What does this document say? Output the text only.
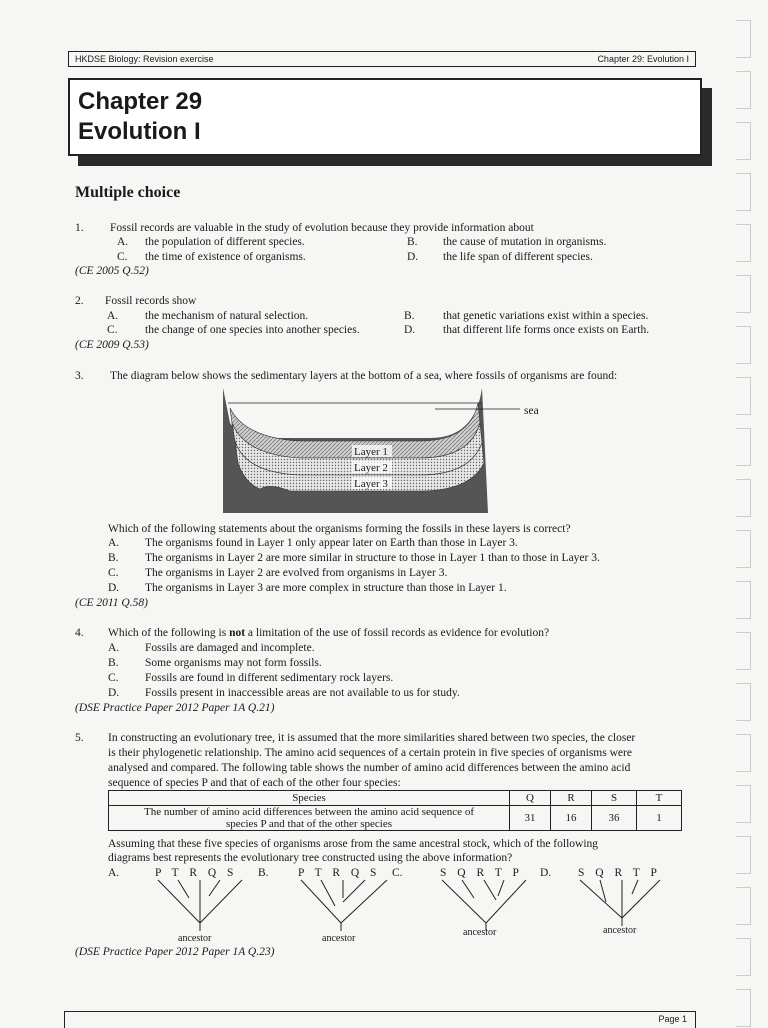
HKDSE Biology: Revision exercise	Chapter 29: Evolution I
Chapter 29
Evolution I
Multiple choice
1. Fossil records are valuable in the study of evolution because they provide information about
A. the population of different species.	B. the cause of mutation in organisms.
C. the time of existence of organisms.	D. the life span of different species.
(CE 2005 Q.52)
2. Fossil records show
A. the mechanism of natural selection.	B. that genetic variations exist within a species.
C. the change of one species into another species.	D. that different life forms once exists on Earth.
(CE 2009 Q.53)
3. The diagram below shows the sedimentary layers at the bottom of a sea, where fossils of organisms are found:
sea
Layer 1
Layer 2
Layer 3
Which of the following statements about the organisms forming the fossils in these layers is correct?
A. The organisms found in Layer 1 only appear later on Earth than those in Layer 3.
B. The organisms in Layer 2 are more similar in structure to those in Layer 1 than to those in Layer 3.
C. The organisms in Layer 2 are evolved from organisms in Layer 3.
D. The organisms in Layer 3 are more complex in structure than those in Layer 1.
(CE 2011 Q.58)
4. Which of the following is not a limitation of the use of fossil records as evidence for evolution?
A. Fossils are damaged and incomplete.
B. Some organisms may not form fossils.
C. Fossils are found in different sedimentary rock layers.
D. Fossils present in inaccessible areas are not available to us for study.
(DSE Practice Paper 2012 Paper 1A Q.21)
5. In constructing an evolutionary tree, it is assumed that the more similarities shared between two species, the closer
is their phylogenetic relationship. The amino acid sequences of a certain protein in five species of organisms were
analysed and compared. The following table shows the number of amino acid differences between the amino acid
sequence of species P and that of each of the other four species:
Species	Q	R	S	T

The number of amino acid differences between the amino acid sequence of
species P and that of the other species	31	16	36	1
Assuming that these five species of organisms arose from the same ancestral stock, which of the following
diagrams best represents the evolutionary tree constructed using the above information?
A.	P T R Q S B.	P T R Q S C.	S Q R T P D. S Q R T P
ancestor	ancestor
ancestor	ancestor
(DSE Practice Paper 2012 Paper 1A Q.23)
Page 1
